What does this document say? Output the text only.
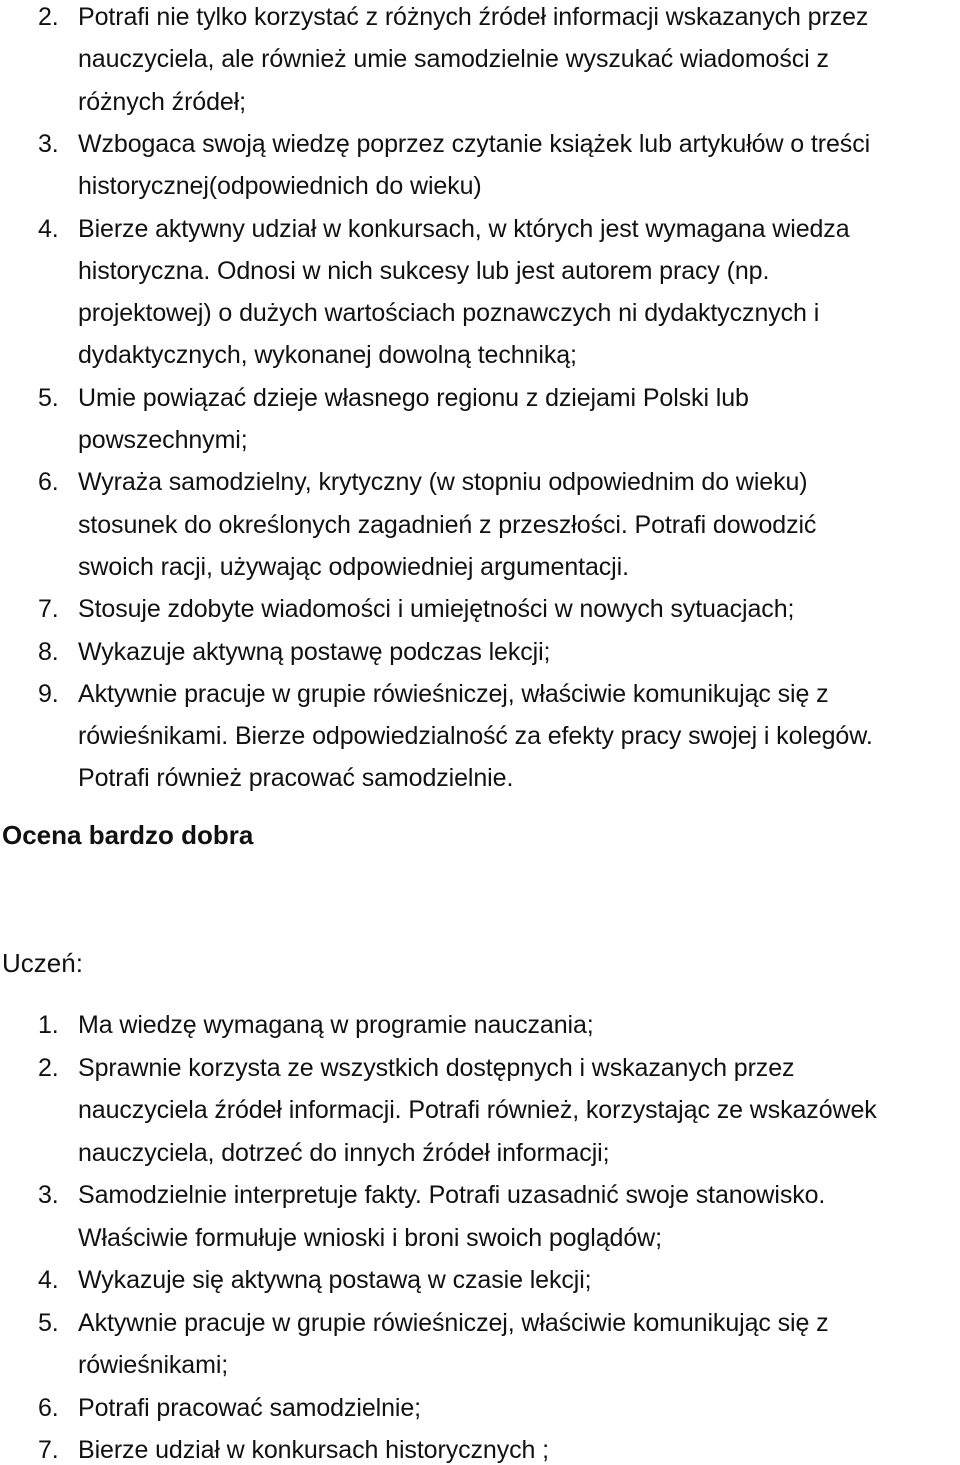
2. Potrafi nie tylko korzystać z różnych źródeł informacji wskazanych przez
nauczyciela, ale również umie samodzielnie wyszukać wiadomości z
różnych źródeł;
3. Wzbogaca swoją wiedzę poprzez czytanie książek lub artykułów o treści
historycznej(odpowiednich do wieku)
4. Bierze aktywny udział w konkursach, w których jest wymagana wiedza
historyczna. Odnosi w nich sukcesy lub jest autorem pracy (np.
projektowej) o dużych wartościach poznawczych ni dydaktycznych i
dydaktycznych, wykonanej dowolną techniką;
5. Umie powiązać dzieje własnego regionu z dziejami Polski lub
powszechnymi;
6. Wyraża samodzielny, krytyczny (w stopniu odpowiednim do wieku)
stosunek do określonych zagadnień z przeszłości. Potrafi dowodzić
swoich racji, używając odpowiedniej argumentacji.
7. Stosuje zdobyte wiadomości i umiejętności w nowych sytuacjach;
8. Wykazuje aktywną postawę podczas lekcji;
9. Aktywnie pracuje w grupie rówieśniczej, właściwie komunikując się z
rówieśnikami. Bierze odpowiedzialność za efekty pracy swojej i kolegów.
Potrafi również pracować samodzielnie.
Ocena bardzo dobra
Uczeń:
1. Ma wiedzę wymaganą w programie nauczania;
2. Sprawnie korzysta ze wszystkich dostępnych i wskazanych przez
nauczyciela źródeł informacji. Potrafi również, korzystając ze wskazówek
nauczyciela, dotrzeć do innych źródeł informacji;
3. Samodzielnie interpretuje fakty. Potrafi uzasadnić swoje stanowisko.
Właściwie formułuje wnioski i broni swoich poglądów;
4. Wykazuje się aktywną postawą w czasie lekcji;
5. Aktywnie pracuje w grupie rówieśniczej, właściwie komunikując się z
rówieśnikami;
6. Potrafi pracować samodzielnie;
7. Bierze udział w konkursach historycznych ;
